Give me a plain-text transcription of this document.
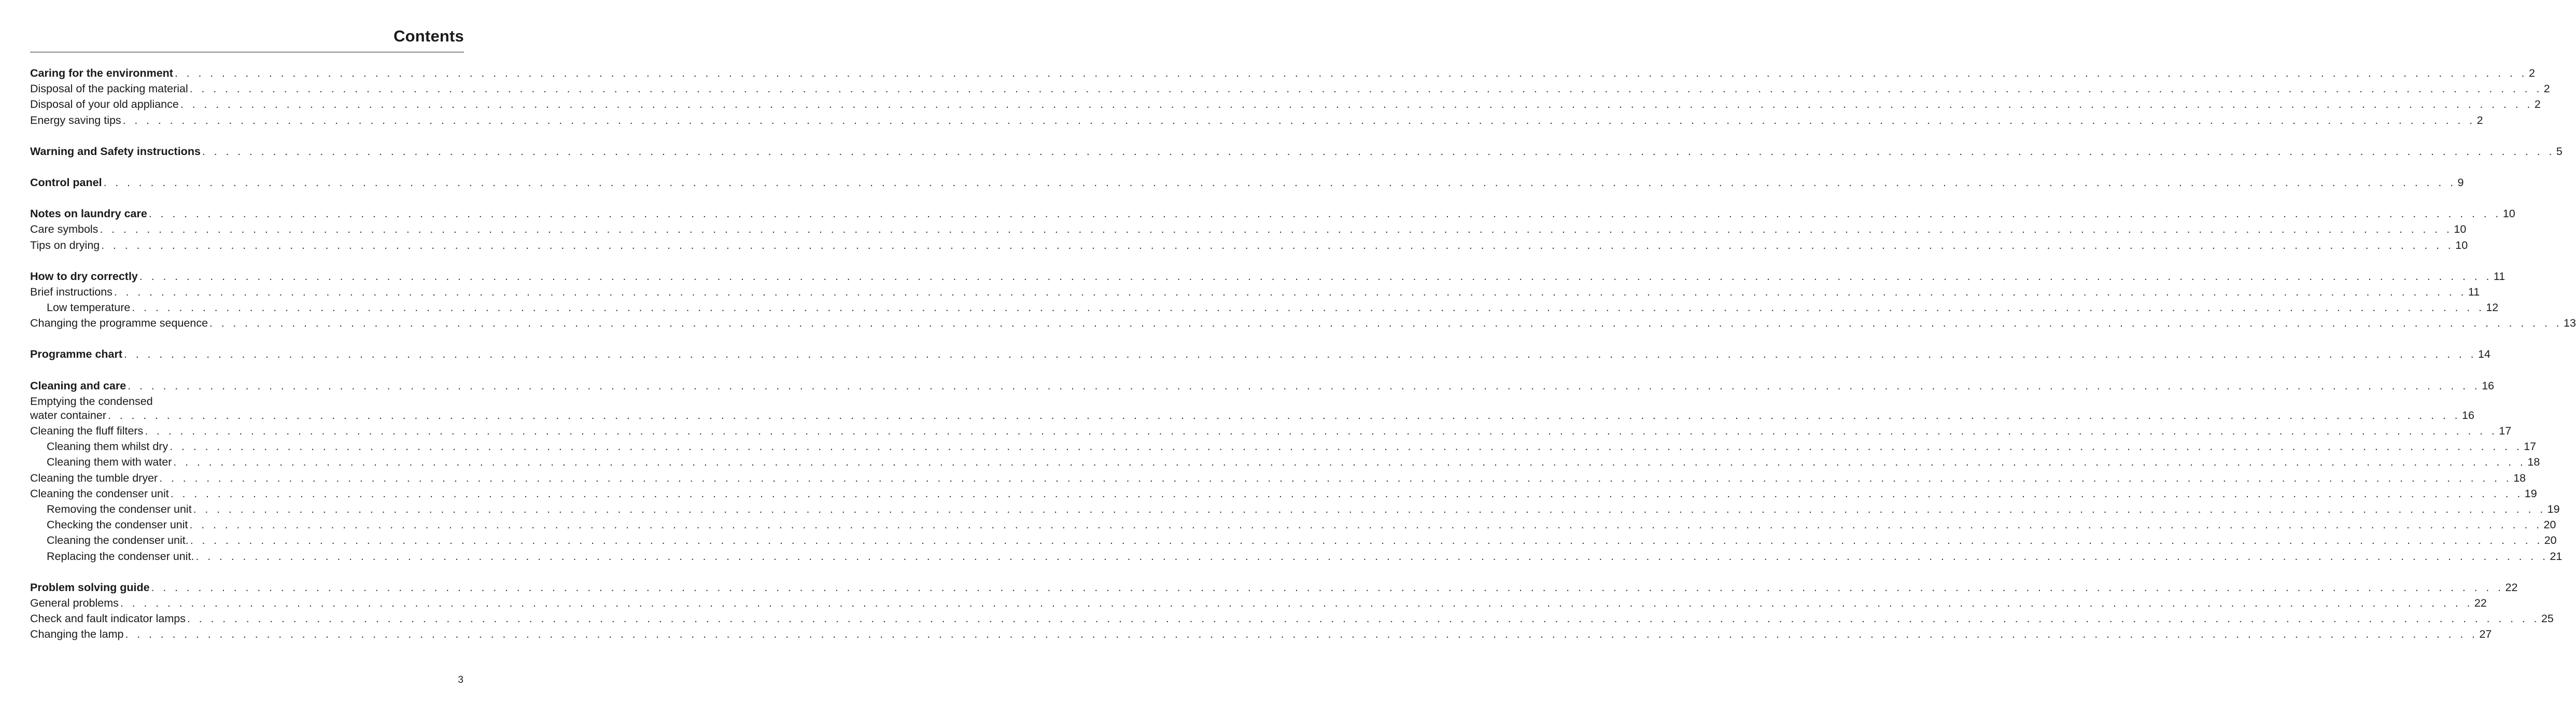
Contents
Caring for the environment . . . . . . . . . . . . . . . . . . . . . . . . . . . . . . . . . . . . . . . . . . . . . . . . . . . . . . . . . . . . . . . . . . . . . . . . . . . . . . . . . . . . . . . . . . . . . . . . . . . . . . . . . . . . . . . . . . . . . . . . . . . . . . . . . . . . . . . . . . . . . . . . . . . . . . . . . . . . . . . . . . . . . . . . . . . . . . . . . . . . . . . . . . . . . . . . . . . . . . . . 2
Disposal of the packing material . . . . . . . . . . . . . . . . . . . . . . . . . . . . . . . . . . . . . . . . . . . . . . . . . . . . . . . . . . . . . . . . . . . . . . . . . . . . . . . . . . . . . . . . . . . . . . . . . . . . . . . . . . . . . . . . . . . . . . . . . . . . . . . . . . . . . . . . . . . . . . . . . . . . . . . . . . . . . . . . . . . . . . . . . . . . . . . . . . . . . . . . . . . . . . . . . . . . . . . . 2
Disposal of your old appliance . . . . . . . . . . . . . . . . . . . . . . . . . . . . . . . . . . . . . . . . . . . . . . . . . . . . . . . . . . . . . . . . . . . . . . . . . . . . . . . . . . . . . . . . . . . . . . . . . . . . . . . . . . . . . . . . . . . . . . . . . . . . . . . . . . . . . . . . . . . . . . . . . . . . . . . . . . . . . . . . . . . . . . . . . . . . . . . . . . . . . . . . . . . . . . . . . . . . . . . . 2
Energy saving tips . . . . . . . . . . . . . . . . . . . . . . . . . . . . . . . . . . . . . . . . . . . . . . . . . . . . . . . . . . . . . . . . . . . . . . . . . . . . . . . . . . . . . . . . . . . . . . . . . . . . . . . . . . . . . . . . . . . . . . . . . . . . . . . . . . . . . . . . . . . . . . . . . . . . . . . . . . . . . . . . . . . . . . . . . . . . . . . . . . . . . . . . . . . . . . . . . . . . . . . . 2
Warning and Safety instructions . . . . . . . . . . . . . . . . . . . . . . . . . . . . . . . . . . . . . . . . . . . . . . . . . . . . . . . . . . . . . . . . . . . . . . . . . . . . . . . . . . . . . . . . . . . . . . . . . . . . . . . . . . . . . . . . . . . . . . . . . . . . . . . . . . . . . . . . . . . . . . . . . . . . . . . . . . . . . . . . . . . . . . . . . . . . . . . . . . . . . . . . . . . . . . . . . . . . . . . . 5
Control panel . . . . . . . . . . . . . . . . . . . . . . . . . . . . . . . . . . . . . . . . . . . . . . . . . . . . . . . . . . . . . . . . . . . . . . . . . . . . . . . . . . . . . . . . . . . . . . . . . . . . . . . . . . . . . . . . . . . . . . . . . . . . . . . . . . . . . . . . . . . . . . . . . . . . . . . . . . . . . . . . . . . . . . . . . . . . . . . . . . . . . . . . . . . . . . . . . . . . . . . . 9
Notes on laundry care . . . . . . . . . . . . . . . . . . . . . . . . . . . . . . . . . . . . . . . . . . . . . . . . . . . . . . . . . . . . . . . . . . . . . . . . . . . . . . . . . . . . . . . . . . . . . . . . . . . . . . . . . . . . . . . . . . . . . . . . . . . . . . . . . . . . . . . . . . . . . . . . . . . . . . . . . . . . . . . . . . . . . . . . . . . . . . . . . . . . . . . . . . . . . . . . . . . . . . . . 10
Care symbols . . . . . . . . . . . . . . . . . . . . . . . . . . . . . . . . . . . . . . . . . . . . . . . . . . . . . . . . . . . . . . . . . . . . . . . . . . . . . . . . . . . . . . . . . . . . . . . . . . . . . . . . . . . . . . . . . . . . . . . . . . . . . . . . . . . . . . . . . . . . . . . . . . . . . . . . . . . . . . . . . . . . . . . . . . . . . . . . . . . . . . . . . . . . . . . . . . . . . . . . 10
Tips on drying . . . . . . . . . . . . . . . . . . . . . . . . . . . . . . . . . . . . . . . . . . . . . . . . . . . . . . . . . . . . . . . . . . . . . . . . . . . . . . . . . . . . . . . . . . . . . . . . . . . . . . . . . . . . . . . . . . . . . . . . . . . . . . . . . . . . . . . . . . . . . . . . . . . . . . . . . . . . . . . . . . . . . . . . . . . . . . . . . . . . . . . . . . . . . . . . . . . . . . . . 10
How to dry correctly . . . . . . . . . . . . . . . . . . . . . . . . . . . . . . . . . . . . . . . . . . . . . . . . . . . . . . . . . . . . . . . . . . . . . . . . . . . . . . . . . . . . . . . . . . . . . . . . . . . . . . . . . . . . . . . . . . . . . . . . . . . . . . . . . . . . . . . . . . . . . . . . . . . . . . . . . . . . . . . . . . . . . . . . . . . . . . . . . . . . . . . . . . . . . . . . . . . . . . . . 11
Brief instructions . . . . . . . . . . . . . . . . . . . . . . . . . . . . . . . . . . . . . . . . . . . . . . . . . . . . . . . . . . . . . . . . . . . . . . . . . . . . . . . . . . . . . . . . . . . . . . . . . . . . . . . . . . . . . . . . . . . . . . . . . . . . . . . . . . . . . . . . . . . . . . . . . . . . . . . . . . . . . . . . . . . . . . . . . . . . . . . . . . . . . . . . . . . . . . . . . . . . . . . . 11
Low temperature . . . . . . . . . . . . . . . . . . . . . . . . . . . . . . . . . . . . . . . . . . . . . . . . . . . . . . . . . . . . . . . . . . . . . . . . . . . . . . . . . . . . . . . . . . . . . . . . . . . . . . . . . . . . . . . . . . . . . . . . . . . . . . . . . . . . . . . . . . . . . . . . . . . . . . . . . . . . . . . . . . . . . . . . . . . . . . . . . . . . . . . . . . . . . . . . . . . . . . . . 12
Changing the programme sequence . . . . . . . . . . . . . . . . . . . . . . . . . . . . . . . . . . . . . . . . . . . . . . . . . . . . . . . . . . . . . . . . . . . . . . . . . . . . . . . . . . . . . . . . . . . . . . . . . . . . . . . . . . . . . . . . . . . . . . . . . . . . . . . . . . . . . . . . . . . . . . . . . . . . . . . . . . . . . . . . . . . . . . . . . . . . . . . . . . . . . . . . . . . . . . . . . . . . . . . . 13
Programme chart . . . . . . . . . . . . . . . . . . . . . . . . . . . . . . . . . . . . . . . . . . . . . . . . . . . . . . . . . . . . . . . . . . . . . . . . . . . . . . . . . . . . . . . . . . . . . . . . . . . . . . . . . . . . . . . . . . . . . . . . . . . . . . . . . . . . . . . . . . . . . . . . . . . . . . . . . . . . . . . . . . . . . . . . . . . . . . . . . . . . . . . . . . . . . . . . . . . . . . . . 14
Cleaning and care . . . . . . . . . . . . . . . . . . . . . . . . . . . . . . . . . . . . . . . . . . . . . . . . . . . . . . . . . . . . . . . . . . . . . . . . . . . . . . . . . . . . . . . . . . . . . . . . . . . . . . . . . . . . . . . . . . . . . . . . . . . . . . . . . . . . . . . . . . . . . . . . . . . . . . . . . . . . . . . . . . . . . . . . . . . . . . . . . . . . . . . . . . . . . . . . . . . . . . . . 16
Emptying the condensed
water container . . . . . . . . . . . . . . . . . . . . . . . . . . . . . . . . . . . . . . . . . . . . . . . . . . . . . . . . . . . . . . . . . . . . . . . . . . . . . . . . . . . . . . . . . . . . . . . . . . . . . . . . . . . . . . . . . . . . . . . . . . . . . . . . . . . . . . . . . . . . . . . . . . . . . . . . . . . . . . . . . . . . . . . . . . . . . . . . . . . . . . . . . . . . . . . . . . . . . . . . 16
Cleaning the fluff filters . . . . . . . . . . . . . . . . . . . . . . . . . . . . . . . . . . . . . . . . . . . . . . . . . . . . . . . . . . . . . . . . . . . . . . . . . . . . . . . . . . . . . . . . . . . . . . . . . . . . . . . . . . . . . . . . . . . . . . . . . . . . . . . . . . . . . . . . . . . . . . . . . . . . . . . . . . . . . . . . . . . . . . . . . . . . . . . . . . . . . . . . . . . . . . . . . . . . . . . . 17
Cleaning them whilst dry . . . . . . . . . . . . . . . . . . . . . . . . . . . . . . . . . . . . . . . . . . . . . . . . . . . . . . . . . . . . . . . . . . . . . . . . . . . . . . . . . . . . . . . . . . . . . . . . . . . . . . . . . . . . . . . . . . . . . . . . . . . . . . . . . . . . . . . . . . . . . . . . . . . . . . . . . . . . . . . . . . . . . . . . . . . . . . . . . . . . . . . . . . . . . . . . . . . . . . . . 17
Cleaning them with water . . . . . . . . . . . . . . . . . . . . . . . . . . . . . . . . . . . . . . . . . . . . . . . . . . . . . . . . . . . . . . . . . . . . . . . . . . . . . . . . . . . . . . . . . . . . . . . . . . . . . . . . . . . . . . . . . . . . . . . . . . . . . . . . . . . . . . . . . . . . . . . . . . . . . . . . . . . . . . . . . . . . . . . . . . . . . . . . . . . . . . . . . . . . . . . . . . . . . . . . 18
Cleaning the tumble dryer . . . . . . . . . . . . . . . . . . . . . . . . . . . . . . . . . . . . . . . . . . . . . . . . . . . . . . . . . . . . . . . . . . . . . . . . . . . . . . . . . . . . . . . . . . . . . . . . . . . . . . . . . . . . . . . . . . . . . . . . . . . . . . . . . . . . . . . . . . . . . . . . . . . . . . . . . . . . . . . . . . . . . . . . . . . . . . . . . . . . . . . . . . . . . . . . . . . . . . . . 18
Cleaning the condenser unit . . . . . . . . . . . . . . . . . . . . . . . . . . . . . . . . . . . . . . . . . . . . . . . . . . . . . . . . . . . . . . . . . . . . . . . . . . . . . . . . . . . . . . . . . . . . . . . . . . . . . . . . . . . . . . . . . . . . . . . . . . . . . . . . . . . . . . . . . . . . . . . . . . . . . . . . . . . . . . . . . . . . . . . . . . . . . . . . . . . . . . . . . . . . . . . . . . . . . . . . 19
Removing the condenser unit . . . . . . . . . . . . . . . . . . . . . . . . . . . . . . . . . . . . . . . . . . . . . . . . . . . . . . . . . . . . . . . . . . . . . . . . . . . . . . . . . . . . . . . . . . . . . . . . . . . . . . . . . . . . . . . . . . . . . . . . . . . . . . . . . . . . . . . . . . . . . . . . . . . . . . . . . . . . . . . . . . . . . . . . . . . . . . . . . . . . . . . . . . . . . . . . . . . . . . . . 19
Checking the condenser unit . . . . . . . . . . . . . . . . . . . . . . . . . . . . . . . . . . . . . . . . . . . . . . . . . . . . . . . . . . . . . . . . . . . . . . . . . . . . . . . . . . . . . . . . . . . . . . . . . . . . . . . . . . . . . . . . . . . . . . . . . . . . . . . . . . . . . . . . . . . . . . . . . . . . . . . . . . . . . . . . . . . . . . . . . . . . . . . . . . . . . . . . . . . . . . . . . . . . . . . . 20
Cleaning the condenser unit. . . . . . . . . . . . . . . . . . . . . . . . . . . . . . . . . . . . . . . . . . . . . . . . . . . . . . . . . . . . . . . . . . . . . . . . . . . . . . . . . . . . . . . . . . . . . . . . . . . . . . . . . . . . . . . . . . . . . . . . . . . . . . . . . . . . . . . . . . . . . . . . . . . . . . . . . . . . . . . . . . . . . . . . . . . . . . . . . . . . . . . . . . . . . . . . . . . . . . . . . 20
Replacing the condenser unit. . . . . . . . . . . . . . . . . . . . . . . . . . . . . . . . . . . . . . . . . . . . . . . . . . . . . . . . . . . . . . . . . . . . . . . . . . . . . . . . . . . . . . . . . . . . . . . . . . . . . . . . . . . . . . . . . . . . . . . . . . . . . . . . . . . . . . . . . . . . . . . . . . . . . . . . . . . . . . . . . . . . . . . . . . . . . . . . . . . . . . . . . . . . . . . . . . . . . . . . . 21
Problem solving guide . . . . . . . . . . . . . . . . . . . . . . . . . . . . . . . . . . . . . . . . . . . . . . . . . . . . . . . . . . . . . . . . . . . . . . . . . . . . . . . . . . . . . . . . . . . . . . . . . . . . . . . . . . . . . . . . . . . . . . . . . . . . . . . . . . . . . . . . . . . . . . . . . . . . . . . . . . . . . . . . . . . . . . . . . . . . . . . . . . . . . . . . . . . . . . . . . . . . . . . . 22
General problems . . . . . . . . . . . . . . . . . . . . . . . . . . . . . . . . . . . . . . . . . . . . . . . . . . . . . . . . . . . . . . . . . . . . . . . . . . . . . . . . . . . . . . . . . . . . . . . . . . . . . . . . . . . . . . . . . . . . . . . . . . . . . . . . . . . . . . . . . . . . . . . . . . . . . . . . . . . . . . . . . . . . . . . . . . . . . . . . . . . . . . . . . . . . . . . . . . . . . . . . 22
Check and fault indicator lamps . . . . . . . . . . . . . . . . . . . . . . . . . . . . . . . . . . . . . . . . . . . . . . . . . . . . . . . . . . . . . . . . . . . . . . . . . . . . . . . . . . . . . . . . . . . . . . . . . . . . . . . . . . . . . . . . . . . . . . . . . . . . . . . . . . . . . . . . . . . . . . . . . . . . . . . . . . . . . . . . . . . . . . . . . . . . . . . . . . . . . . . . . . . . . . . . . . . . . . . . 25
Changing the lamp . . . . . . . . . . . . . . . . . . . . . . . . . . . . . . . . . . . . . . . . . . . . . . . . . . . . . . . . . . . . . . . . . . . . . . . . . . . . . . . . . . . . . . . . . . . . . . . . . . . . . . . . . . . . . . . . . . . . . . . . . . . . . . . . . . . . . . . . . . . . . . . . . . . . . . . . . . . . . . . . . . . . . . . . . . . . . . . . . . . . . . . . . . . . . . . . . . . . . . . . 27
3
